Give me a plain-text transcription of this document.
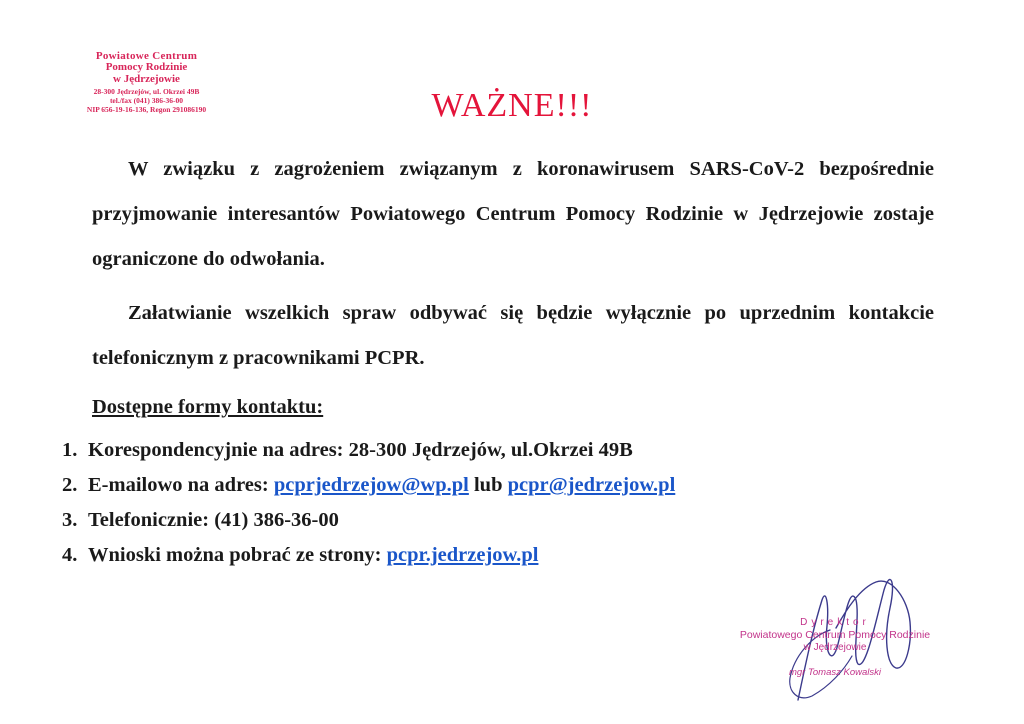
Powiatowe Centrum
Pomocy Rodzinie
w Jędrzejowie
28-300 Jędrzejów, ul. Okrzei 49B
tel./fax (041) 386-36-00
NIP 656-19-16-136, Regon 291086190	WAŻNE!!!
W związku z zagrożeniem związanym z koronawirusem SARS-CoV-2 bezpośrednie przyjmowanie interesantów Powiatowego Centrum Pomocy Rodzinie w Jędrzejowie zostaje ograniczone do odwołania.
Załatwianie wszelkich spraw odbywać się będzie wyłącznie po uprzednim kontakcie telefonicznym z pracownikami PCPR.
Dostępne formy kontaktu:
1. Korespondencyjnie na adres: 28-300 Jędrzejów, ul.Okrzei 49B
2. E-mailowo na adres: pcprjedrzejow@wp.pl lub pcpr@jedrzejow.pl
3. Telefonicznie: (41) 386-36-00
4. Wnioski można pobrać ze strony: pcpr.jedrzejow.pl
Dyrektor
Powiatowego Centrum Pomocy Rodzinie
w Jędrzejowie
mgr Tomasz Kowalski
